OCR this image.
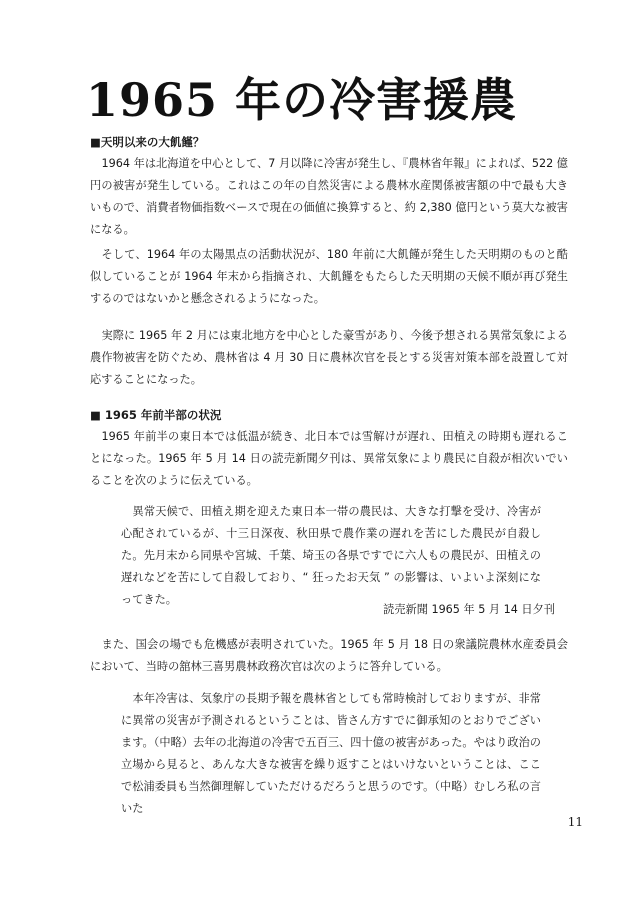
1965 年の冷害援農
■天明以来の大飢饉？

1964 年は北海道を中心として、7 月以降に冷害が発生し、『農林省年報』によれば、522 億円の被害が発生している。これはこの年の自然災害による農林水産関係被害額の中で最も大きいもので、消費者物価指数ベースで現在の価値に換算すると、約 2,380 億円という莫大な被害になる。

そして、1964 年の太陽黒点の活動状況が、180 年前に大飢饉が発生した天明期のものと酷似していることが 1964 年末から指摘され、大飢饉をもたらした天明期の天候不順が再び発生するのではないかと懸念されるようになった。

実際に 1965 年 2 月には東北地方を中心とした豪雪があり、今後予想される異常気象による農作物被害を防ぐため、農林省は 4 月 30 日に農林次官を長とする災害対策本部を設置して対応することになった。

■ 1965 年前半部の状況

1965 年前半の東日本では低温が続き、北日本では雪解けが遅れ、田植えの時期も遅れることになった。1965 年 5 月 14 日の読売新聞夕刊は、異常気象により農民に自殺が相次いでいることを次のように伝えている。

異常天候で、田植え期を迎えた東日本一帯の農民は、大きな打撃を受け、冷害が心配されているが、十三日深夜、秋田県で農作業の遅れを苦にした農民が自殺した。先月末から同県や宮城、千葉、埼玉の各県ですでに六人もの農民が、田植えの遅れなどを苦にして自殺しており、“ 狂ったお天気 ” の影響は、いよいよ深刻になってきた。

読売新聞 1965 年 5 月 14 日夕刊

また、国会の場でも危機感が表明されていた。1965 年 5 月 18 日の衆議院農林水産委員会において、当時の舘林三喜男農林政務次官は次のように答弁している。

本年冷害は、気象庁の長期予報を農林省としても常時検討しておりますが、非常に異常の災害が予測されるということは、皆さん方すでに御承知のとおりでございます。（中略）去年の北海道の冷害で五百三、四十億の被害があった。やはり政治の立場から見ると、あんな大きな被害を繰り返すことはいけないということは、ここで松浦委員も当然御理解していただけるだろうと思うのです。（中略）むしろ私の言いた

11
